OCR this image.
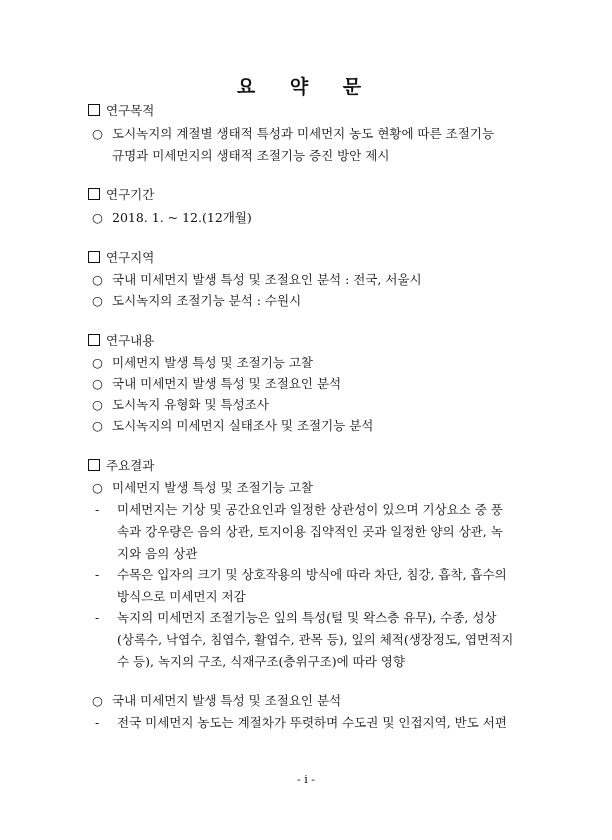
요 약 문
연구목적
○ 도시녹지의 계절별 생태적 특성과 미세먼지 농도 현황에 따른 조절기능
규명과 미세먼지의 생태적 조절기능 증진 방안 제시
연구기간
○ 2018. 1. ~ 12.(12개월)
연구지역
○ 국내 미세먼지 발생 특성 및 조절요인 분석 : 전국, 서울시
○ 도시녹지의 조절기능 분석 : 수원시
연구내용
○ 미세먼지 발생 특성 및 조절기능 고찰
○ 국내 미세먼지 발생 특성 및 조절요인 분석
○ 도시녹지 유형화 및 특성조사
○ 도시녹지의 미세먼지 실태조사 및 조절기능 분석
주요결과
○ 미세먼지 발생 특성 및 조절기능 고찰
- 미세먼지는 기상 및 공간요인과 일정한 상관성이 있으며 기상요소 중 풍
속과 강우량은 음의 상관, 토지이용 집약적인 곳과 일정한 양의 상관, 녹
지와 음의 상관
- 수목은 입자의 크기 및 상호작용의 방식에 따라 차단, 침강, 흡착, 흡수의
방식으로 미세먼지 저감
- 녹지의 미세먼지 조절기능은 잎의 특성(털 및 왁스층 유무), 수종, 성상
(상록수, 낙엽수, 침엽수, 활엽수, 관목 등), 잎의 체적(생장정도, 엽면적지
수 등), 녹지의 구조, 식재구조(층위구조)에 따라 영향
○ 국내 미세먼지 발생 특성 및 조절요인 분석
- 전국 미세먼지 농도는 계절차가 뚜렷하며 수도권 및 인접지역, 반도 서편
- i -
